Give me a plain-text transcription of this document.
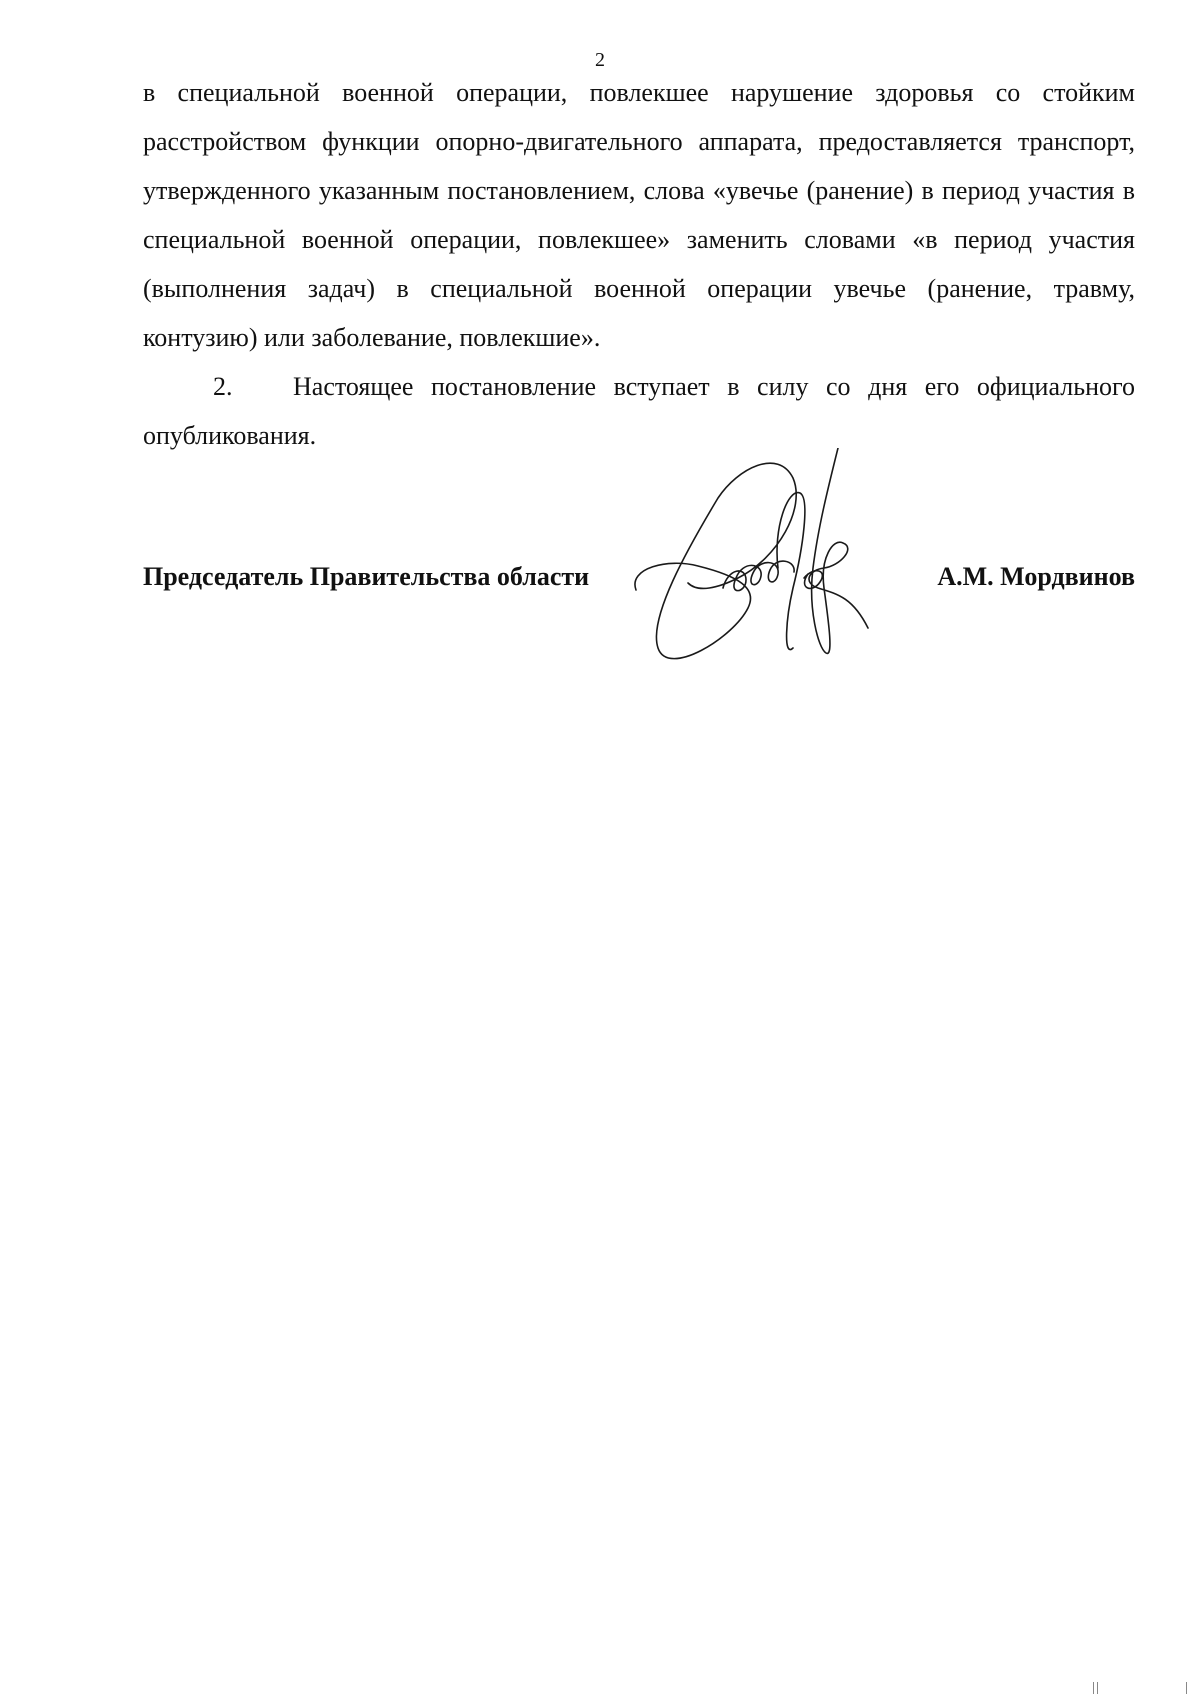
2

в специальной военной операции, повлекшее нарушение здоровья со стойким расстройством функции опорно-двигательного аппарата, предоставляется транспорт, утвержденного указанным постановлением, слова «увечье (ранение) в период участия в специальной военной операции, повлекшее» заменить словами «в период участия (выполнения задач) в специальной военной операции увечье (ранение, травму, контузию) или заболевание, повлекшие».

2. Настоящее постановление вступает в силу со дня его официального опубликования.

Председатель Правительства области	А.М. Мордвинов
